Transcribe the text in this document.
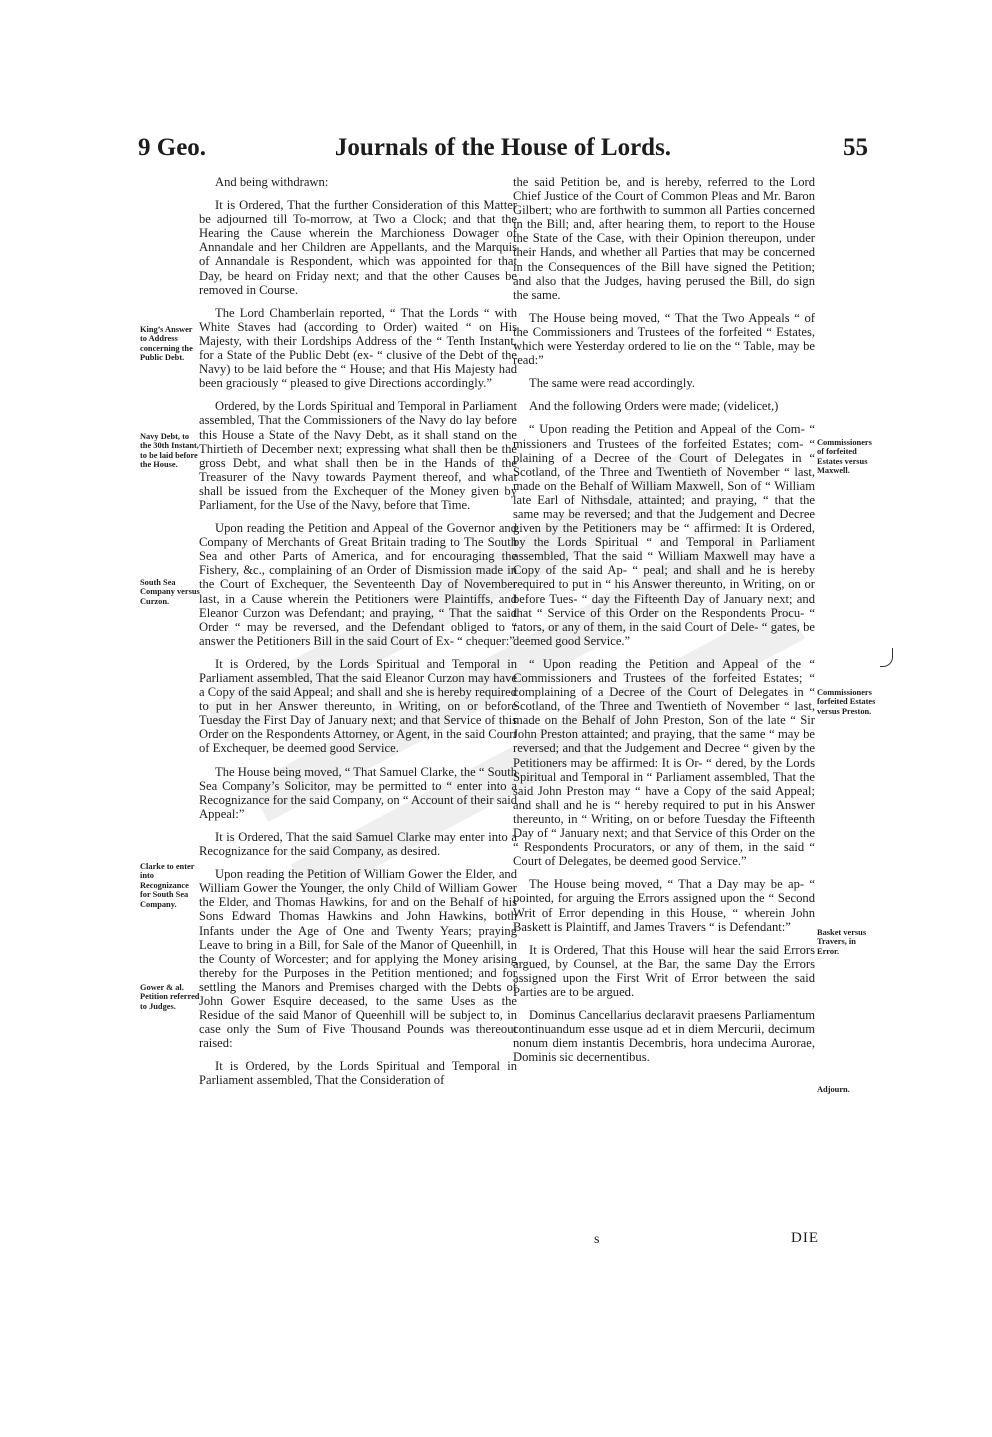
9 Geo.	Journals of the House of Lords.	55
King’s Answer to Address concerning the Public Debt.
Navy Debt, to the 30th Instant, to be laid before the House.
South Sea Company versus Curzon.
Clarke to enter into Recognizance for South Sea Company.
Gower & al. Petition referred to Judges.
Commissioners of forfeited Estates versus Maxwell.
Commissioners forfeited Estates versus Preston.
Basket versus Travers, in Error.
Adjourn.

And being withdrawn:

It is Ordered, That the further Consideration of this Matter be adjourned till To-morrow, at Two a Clock; and that the Hearing the Cause wherein the Marchioness Dowager of Annandale and her Children are Appellants, and the Marquis of Annandale is Respondent, which was appointed for that Day, be heard on Friday next; and that the other Causes be removed in Course.

The Lord Chamberlain reported, “ That the Lords “ with White Staves had (according to Order) waited “ on His Majesty, with their Lordships Address of the “ Tenth Instant, for a State of the Public Debt (ex- “ clusive of the Debt of the Navy) to be laid before the “ House; and that His Majesty had been graciously “ pleased to give Directions accordingly.”

Ordered, by the Lords Spiritual and Temporal in Parliament assembled, That the Commissioners of the Navy do lay before this House a State of the Navy Debt, as it shall stand on the Thirtieth of December next; expressing what shall then be the gross Debt, and what shall then be in the Hands of the Treasurer of the Navy towards Payment thereof, and what shall be issued from the Exchequer of the Money given by Parliament, for the Use of the Navy, before that Time.

Upon reading the Petition and Appeal of the Governor and Company of Merchants of Great Britain trading to The South Sea and other Parts of America, and for encouraging the Fishery, &c., complaining of an Order of Dismission made in the Court of Exchequer, the Seventeenth Day of November last, in a Cause wherein the Petitioners were Plaintiffs, and Eleanor Curzon was Defendant; and praying, “ That the said Order “ may be reversed, and the Defendant obliged to “ answer the Petitioners Bill in the said Court of Ex- “ chequer:”

It is Ordered, by the Lords Spiritual and Temporal in Parliament assembled, That the said Eleanor Curzon may have a Copy of the said Appeal; and shall and she is hereby required to put in her Answer thereunto, in Writing, on or before Tuesday the First Day of January next; and that Service of this Order on the Respondents Attorney, or Agent, in the said Court of Exchequer, be deemed good Service.

The House being moved, “ That Samuel Clarke, the “ South Sea Company’s Solicitor, may be permitted to “ enter into a Recognizance for the said Company, on “ Account of their said Appeal:”

It is Ordered, That the said Samuel Clarke may enter into a Recognizance for the said Company, as desired.

Upon reading the Petition of William Gower the Elder, and William Gower the Younger, the only Child of William Gower the Elder, and Thomas Hawkins, for and on the Behalf of his Sons Edward Thomas Hawkins and John Hawkins, both Infants under the Age of One and Twenty Years; praying Leave to bring in a Bill, for Sale of the Manor of Queenhill, in the County of Worcester; and for applying the Money arising thereby for the Purposes in the Petition mentioned; and for settling the Manors and Premises charged with the Debts of John Gower Esquire deceased, to the same Uses as the Residue of the said Manor of Queenhill will be subject to, in case only the Sum of Five Thousand Pounds was thereout raised:

It is Ordered, by the Lords Spiritual and Temporal in Parliament assembled, That the Consideration of

the said Petition be, and is hereby, referred to the Lord Chief Justice of the Court of Common Pleas and Mr. Baron Gilbert; who are forthwith to summon all Parties concerned in the Bill; and, after hearing them, to report to the House the State of the Case, with their Opinion thereupon, under their Hands, and whether all Parties that may be concerned in the Consequences of the Bill have signed the Petition; and also that the Judges, having perused the Bill, do sign the same.

The House being moved, “ That the Two Appeals “ of the Commissioners and Trustees of the forfeited “ Estates, which were Yesterday ordered to lie on the “ Table, may be read:”

The same were read accordingly.

And the following Orders were made; (videlicet,)

“ Upon reading the Petition and Appeal of the Com- “ missioners and Trustees of the forfeited Estates; com- “ plaining of a Decree of the Court of Delegates in “ Scotland, of the Three and Twentieth of November “ last, made on the Behalf of William Maxwell, Son of “ William late Earl of Nithsdale, attainted; and praying, “ that the same may be reversed; and that the Judgement and Decree given by the Petitioners may be “ affirmed: It is Ordered, by the Lords Spiritual “ and Temporal in Parliament assembled, That the said “ William Maxwell may have a Copy of the said Ap- “ peal; and shall and he is hereby required to put in “ his Answer thereunto, in Writing, on or before Tues- “ day the Fifteenth Day of January next; and that “ Service of this Order on the Respondents Procu- “ rators, or any of them, in the said Court of Dele- “ gates, be deemed good Service.”

“ Upon reading the Petition and Appeal of the “ Commissioners and Trustees of the forfeited Estates; “ complaining of a Decree of the Court of Delegates in “ Scotland, of the Three and Twentieth of November “ last, made on the Behalf of John Preston, Son of the late “ Sir John Preston attainted; and praying, that the same “ may be reversed; and that the Judgement and Decree “ given by the Petitioners may be affirmed: It is Or- “ dered, by the Lords Spiritual and Temporal in “ Parliament assembled, That the said John Preston may “ have a Copy of the said Appeal; and shall and he is “ hereby required to put in his Answer thereunto, in “ Writing, on or before Tuesday the Fifteenth Day of “ January next; and that Service of this Order on the “ Respondents Procurators, or any of them, in the said “ Court of Delegates, be deemed good Service.”

The House being moved, “ That a Day may be ap- “ pointed, for arguing the Errors assigned upon the “ Second Writ of Error depending in this House, “ wherein John Baskett is Plaintiff, and James Travers “ is Defendant:”

It is Ordered, That this House will hear the said Errors argued, by Counsel, at the Bar, the same Day the Errors assigned upon the First Writ of Error between the said Parties are to be argued.

Dominus Cancellarius declaravit praesens Parliamentum continuandum esse usque ad et in diem Mercurii, decimum nonum diem instantis Decembris, hora undecima Aurorae, Dominis sic decernentibus.

s	DIE
